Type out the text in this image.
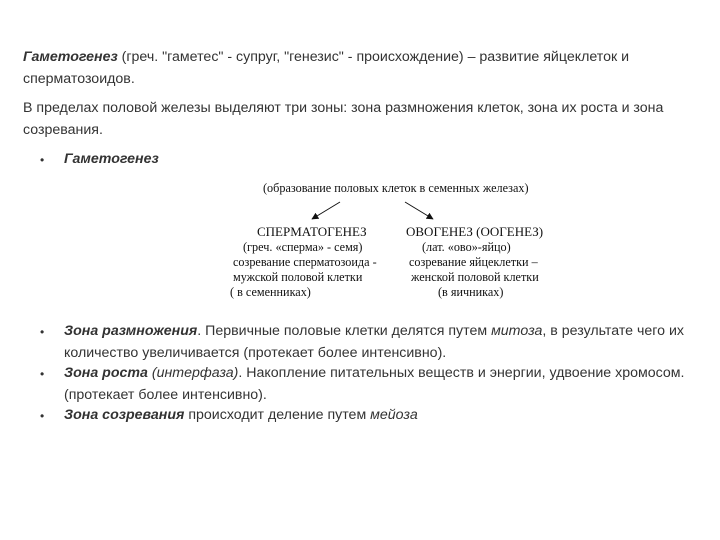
Гаметогенез (греч. "гаметес" - супруг, "генезис" - происхождение) – развитие яйцеклеток и сперматозоидов.
В пределах половой железы выделяют три зоны: зона размножения клеток, зона их роста и зона созревания.
• Гаметогенез
(образование половых клеток в семенных железах)
СПЕРМАТОГЕНЕЗ
(греч. «сперма» - семя)
созревание сперматозоида -
мужской половой клетки
( в семенниках)
ОВОГЕНЕЗ (ООГЕНЕЗ)
(лат. «ово»-яйцо)
созревание яйцеклетки –
женской половой клетки
(в яичниках)
• Зона размножения. Первичные половые клетки делятся путем митоза, в результате чего их количество увеличивается (протекает более интенсивно).
• Зона роста (интерфаза). Накопление питательных веществ и энергии, удвоение хромосом. (протекает более интенсивно).
• Зона созревания происходит деление путем мейоза
